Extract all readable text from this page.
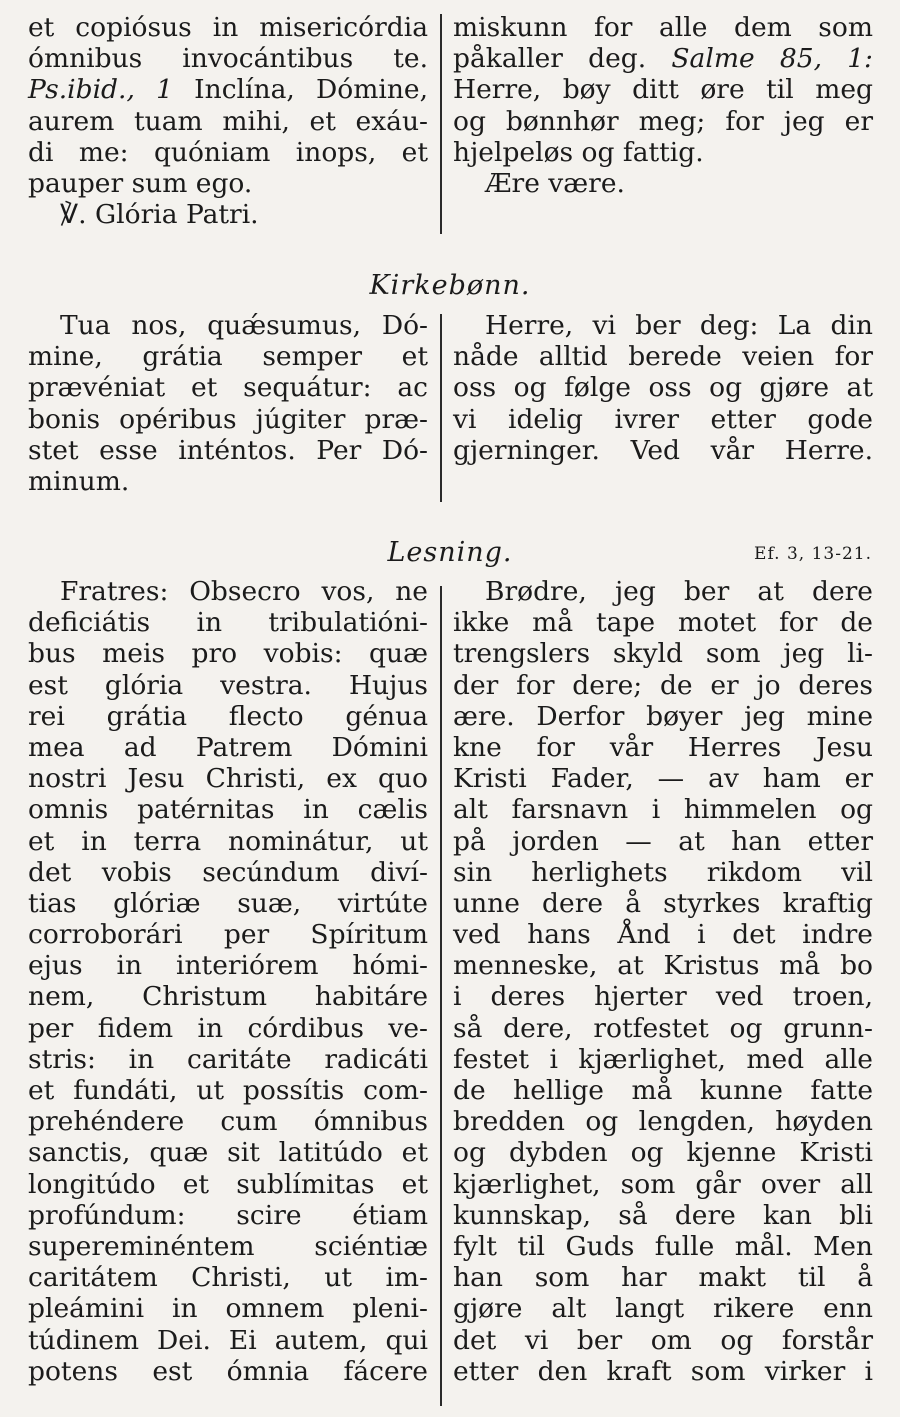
et copiósus in misericórdia
ómnibus invocántibus te.
Ps.ibid., 1 Inclína, Dómine,
aurem tuam mihi, et exáu-
di me: quóniam inops, et
pauper sum ego.
℣. Glória Patri.
miskunn for alle dem som
påkaller deg. Salme 85, 1:
Herre, bøy ditt øre til meg
og bønnhør meg; for jeg er
hjelpeløs og fattig.
Ære være.
Kirkebønn.
Tua nos, quǽsumus, Dó-
mine, grátia semper et
prævéniat et sequátur: ac
bonis opéribus júgiter præ-
stet esse inténtos. Per Dó-
minum.
Herre, vi ber deg: La din
nåde alltid berede veien for
oss og følge oss og gjøre at
vi idelig ivrer etter gode
gjerninger. Ved vår Herre.
Lesning.	Ef. 3, 13-21.
Fratres: Obsecro vos, ne
deficiátis in tribulatióni-
bus meis pro vobis: quæ
est glória vestra. Hujus
rei grátia flecto génua
mea ad Patrem Dómini
nostri Jesu Christi, ex quo
omnis patérnitas in cælis
et in terra nominátur, ut
det vobis secúndum diví-
tias glóriæ suæ, virtúte
corroborári per Spíritum
ejus in interiórem hómi-
nem, Christum habitáre
per fidem in córdibus ve-
stris: in caritáte radicáti
et fundáti, ut possítis com-
prehéndere cum ómnibus
sanctis, quæ sit latitúdo et
longitúdo et sublímitas et
profúndum: scire étiam
supereminéntem sciéntiæ
caritátem Christi, ut im-
pleámini in omnem pleni-
túdinem Dei. Ei autem, qui
potens est ómnia fácere
Brødre, jeg ber at dere
ikke må tape motet for de
trengslers skyld som jeg li-
der for dere; de er jo deres
ære. Derfor bøyer jeg mine
kne for vår Herres Jesu
Kristi Fader, — av ham er
alt farsnavn i himmelen og
på jorden — at han etter
sin herlighets rikdom vil
unne dere å styrkes kraftig
ved hans Ånd i det indre
menneske, at Kristus må bo
i deres hjerter ved troen,
så dere, rotfestet og grunn-
festet i kjærlighet, med alle
de hellige må kunne fatte
bredden og lengden, høyden
og dybden og kjenne Kristi
kjærlighet, som går over all
kunnskap, så dere kan bli
fylt til Guds fulle mål. Men
han som har makt til å
gjøre alt langt rikere enn
det vi ber om og forstår
etter den kraft som virker i
